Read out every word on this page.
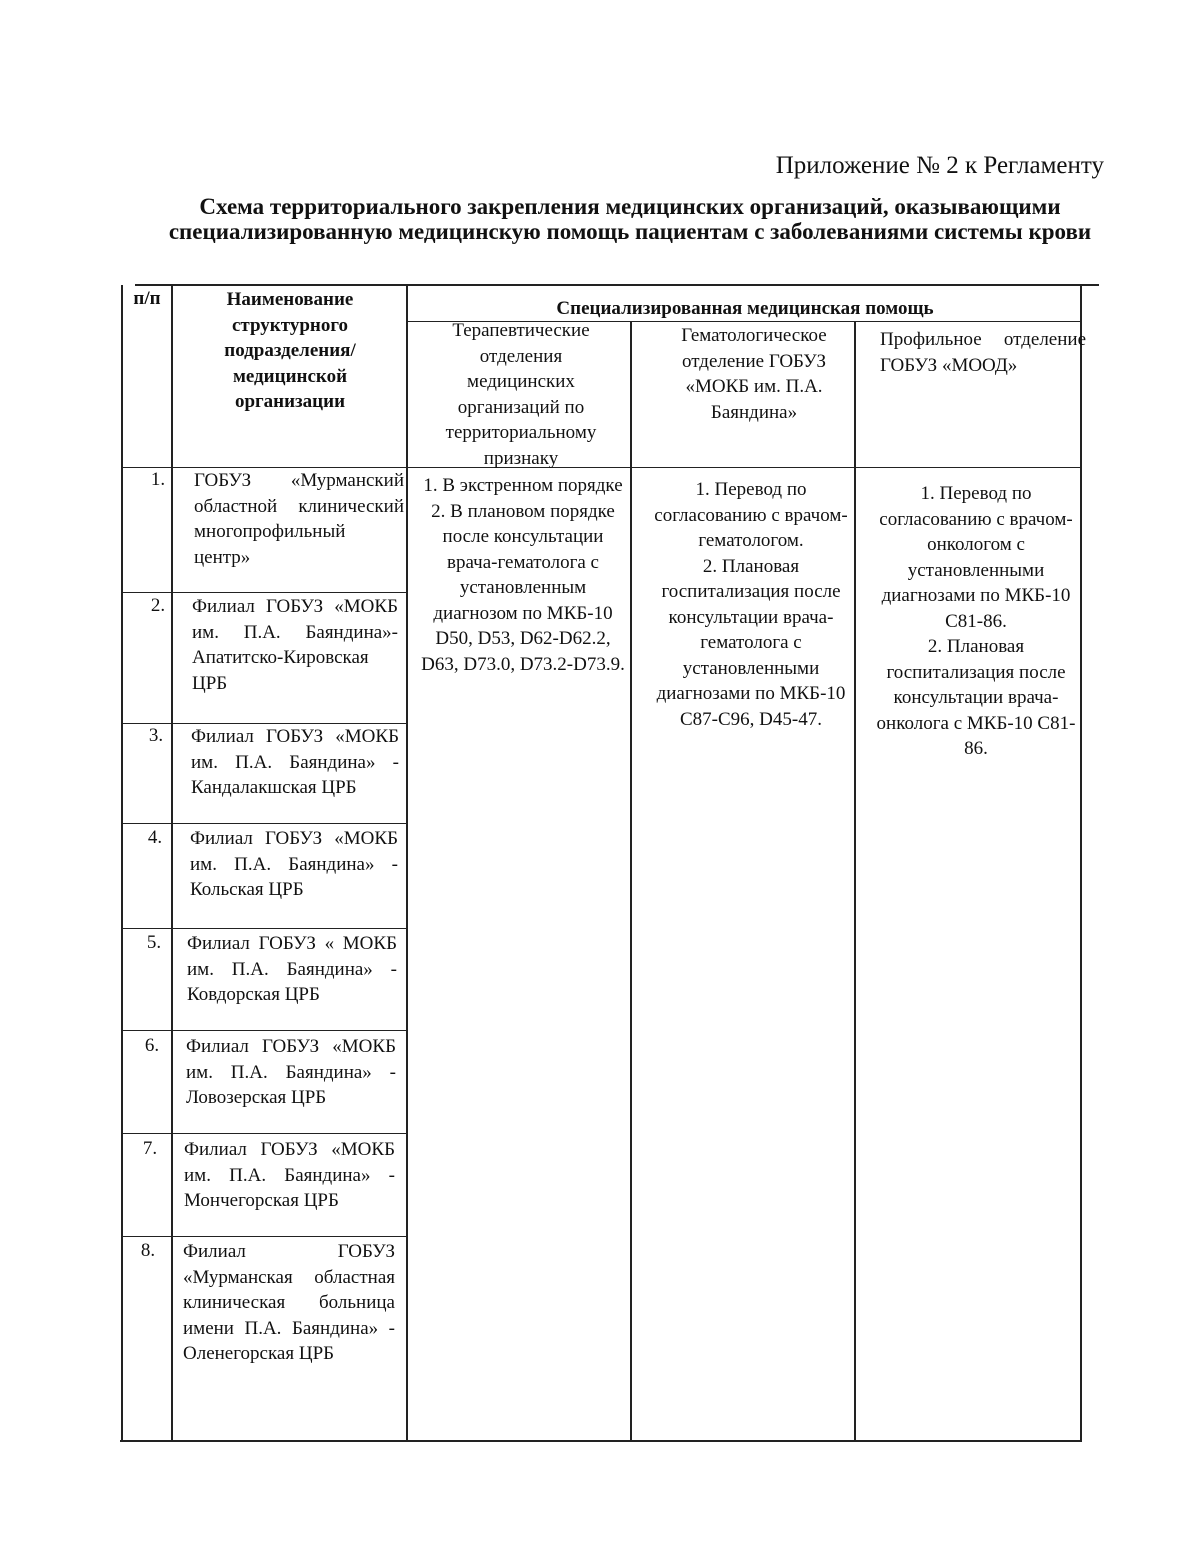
Приложение № 2 к Регламенту
Схема территориального закрепления медицинских организаций, оказывающими специализированную медицинскую помощь пациентам с заболеваниями системы крови
п/п	Наименование структурного подразделения/ медицинской организации
Специализированная медицинская помощь
Терапевтические отделения медицинских организаций по территориальному признаку
Гематологическое отделение ГОБУЗ «МОКБ им. П.А. Баяндина»
Профильное отделение ГОБУЗ «МООД»
1.
2.
3.
4.
5.
6.
7.
8.
ГОБУЗ «Мурманский областной клинический многопрофильный центр»
Филиал ГОБУЗ «МОКБ им. П.А. Баяндина»- Апатитско-Кировская ЦРБ
Филиал ГОБУЗ «МОКБ им. П.А. Баяндина» - Кандалакшская ЦРБ
Филиал ГОБУЗ «МОКБ им. П.А. Баяндина» - Кольская ЦРБ
Филиал ГОБУЗ « МОКБ им. П.А. Баяндина» - Ковдорская ЦРБ
Филиал ГОБУЗ «МОКБ им. П.А. Баяндина» - Ловозерская ЦРБ
Филиал ГОБУЗ «МОКБ им. П.А. Баяндина» - Мончегорская ЦРБ
Филиал ГОБУЗ «Мурманская областная клиническая больница имени П.А. Баяндина» - Оленегорская ЦРБ
1. В экстренном порядке
2. В плановом порядке после консультации врача-гематолога с установленным диагнозом по МКБ-10 D50, D53, D62-D62.2, D63, D73.0, D73.2-D73.9.
1. Перевод по согласованию с врачом-гематологом.
2. Плановая госпитализация после консультации врача-гематолога с установленными диагнозами по МКБ-10 С87-С96, D45-47.
1. Перевод по согласованию с врачом-онкологом с установленными диагнозами по МКБ-10 С81-86.
2. Плановая госпитализация после консультации врача-онколога с МКБ-10 С81-86.
